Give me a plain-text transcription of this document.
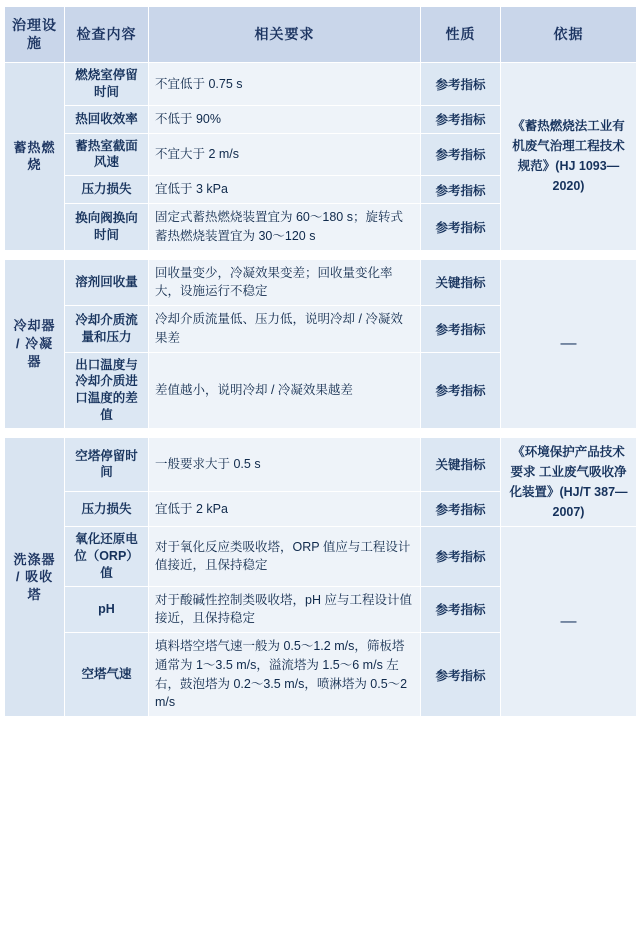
治理设施	检查内容	相关要求	性质	依据
蓄热燃烧	燃烧室停留时间	不宜低于 0.75 s	参考指标	《蓄热燃烧法工业有机废气治理工程技术规范》(HJ 1093—2020)
	热回收效率	不低于 90%	参考指标	
	蓄热室截面风速	不宜大于 2 m/s	参考指标	
	压力损失	宜低于 3 kPa	参考指标	
	换向阀换向时间	固定式蓄热燃烧装置宜为 60～180 s；旋转式蓄热燃烧装置宜为 30～120 s	参考指标	

冷却器 / 冷凝器	溶剂回收量	回收量变少，冷凝效果变差；回收量变化率大，设施运行不稳定	关键指标	—
	冷却介质流量和压力	冷却介质流量低、压力低，说明冷却 / 冷凝效果差	参考指标	
	出口温度与冷却介质进口温度的差值	差值越小，说明冷却 / 冷凝效果越差	参考指标	

洗涤器 / 吸收塔	空塔停留时间	一般要求大于 0.5 s	关键指标	《环境保护产品技术要求 工业废气吸收净化装置》(HJ/T 387—2007)
	压力损失	宜低于 2 kPa	参考指标	
	氧化还原电位（ORP）值	对于氧化反应类吸收塔，ORP 值应与工程设计值接近，且保持稳定	参考指标	—
	pH	对于酸碱性控制类吸收塔，pH 应与工程设计值接近，且保持稳定	参考指标	
	空塔气速	填料塔空塔气速一般为 0.5～1.2 m/s，筛板塔通常为 1～3.5 m/s，溢流塔为 1.5～6 m/s 左右，鼓泡塔为 0.2～3.5 m/s，喷淋塔为 0.5～2 m/s	参考指标	
